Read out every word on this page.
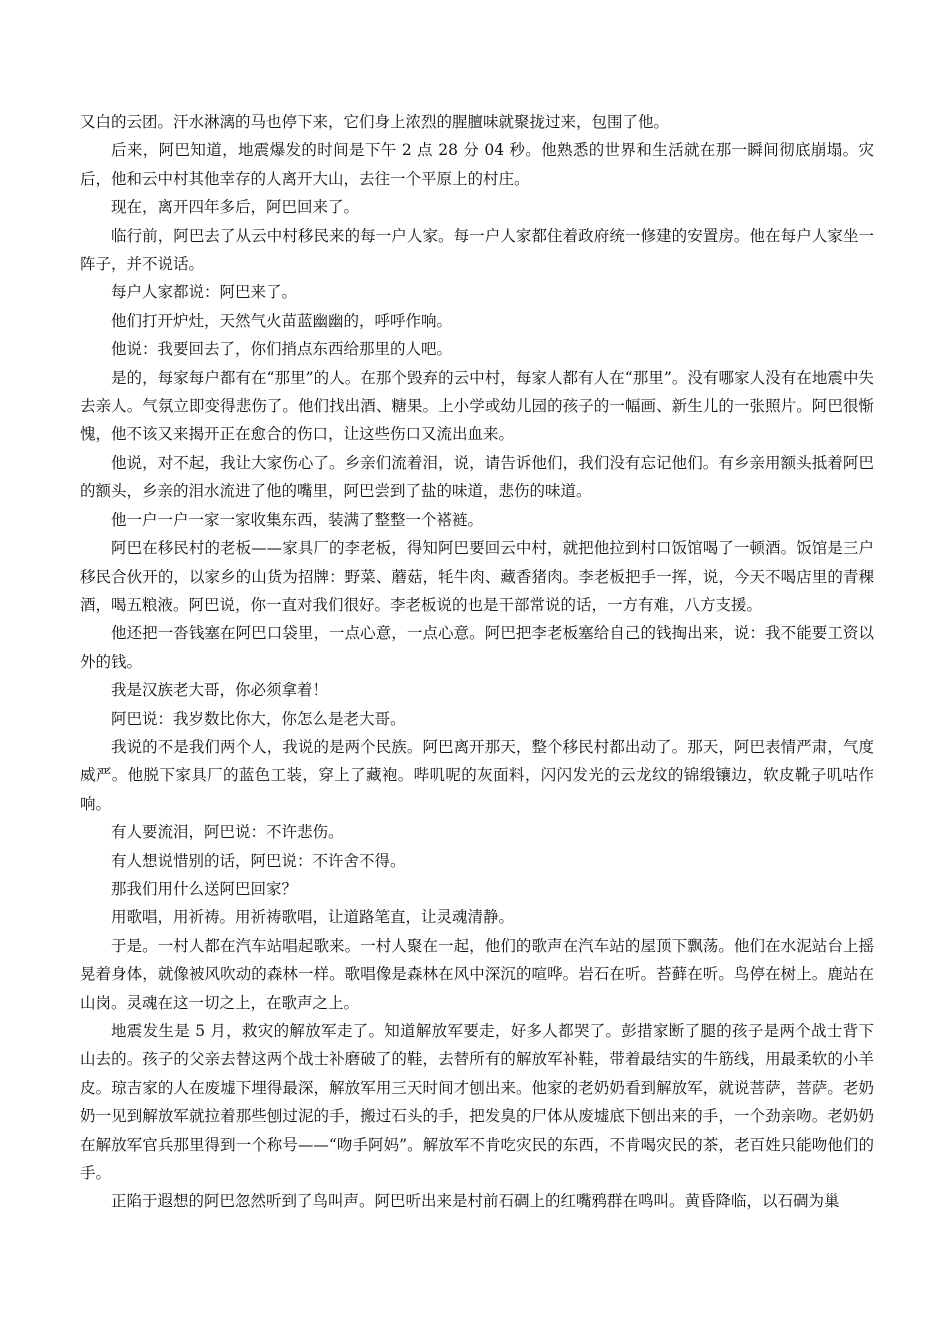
又白的云团。汗水淋漓的马也停下来，它们身上浓烈的腥膻味就聚拢过来，包围了他。

后来，阿巴知道，地震爆发的时间是下午 2 点 28 分 04 秒。他熟悉的世界和生活就在那一瞬间彻底崩塌。灾后，他和云中村其他幸存的人离开大山，去往一个平原上的村庄。

现在，离开四年多后，阿巴回来了。

临行前，阿巴去了从云中村移民来的每一户人家。每一户人家都住着政府统一修建的安置房。他在每户人家坐一阵子，并不说话。

每户人家都说：阿巴来了。

他们打开炉灶，天然气火苗蓝幽幽的，呼呼作响。

他说：我要回去了，你们捎点东西给那里的人吧。

是的，每家每户都有在“那里”的人。在那个毁弃的云中村，每家人都有人在“那里”。没有哪家人没有在地震中失去亲人。气氛立即变得悲伤了。他们找出酒、糖果。上小学或幼儿园的孩子的一幅画、新生儿的一张照片。阿巴很惭愧，他不该又来揭开正在愈合的伤口，让这些伤口又流出血来。

他说，对不起，我让大家伤心了。乡亲们流着泪，说，请告诉他们，我们没有忘记他们。有乡亲用额头抵着阿巴的额头，乡亲的泪水流进了他的嘴里，阿巴尝到了盐的味道，悲伤的味道。

他一户一户一家一家收集东西，装满了整整一个褡裢。

阿巴在移民村的老板——家具厂的李老板，得知阿巴要回云中村，就把他拉到村口饭馆喝了一顿酒。饭馆是三户移民合伙开的，以家乡的山货为招牌：野菜、蘑菇，牦牛肉、藏香猪肉。李老板把手一挥，说，今天不喝店里的青稞酒，喝五粮液。阿巴说，你一直对我们很好。李老板说的也是干部常说的话，一方有难，八方支援。

他还把一沓钱塞在阿巴口袋里，一点心意，一点心意。阿巴把李老板塞给自己的钱掏出来，说：我不能要工资以外的钱。

我是汉族老大哥，你必须拿着！

阿巴说：我岁数比你大，你怎么是老大哥。

我说的不是我们两个人，我说的是两个民族。阿巴离开那天，整个移民村都出动了。那天，阿巴表情严肃，气度威严。他脱下家具厂的蓝色工装，穿上了藏袍。哔叽呢的灰面料，闪闪发光的云龙纹的锦缎镶边，软皮靴子叽咕作响。

有人要流泪，阿巴说：不许悲伤。

有人想说惜别的话，阿巴说：不许舍不得。

那我们用什么送阿巴回家？

用歌唱，用祈祷。用祈祷歌唱，让道路笔直，让灵魂清静。

于是。一村人都在汽车站唱起歌来。一村人聚在一起，他们的歌声在汽车站的屋顶下飘荡。他们在水泥站台上摇晃着身体，就像被风吹动的森林一样。歌唱像是森林在风中深沉的喧哗。岩石在听。苔藓在听。鸟停在树上。鹿站在山岗。灵魂在这一切之上，在歌声之上。

地震发生是 5 月，救灾的解放军走了。知道解放军要走，好多人都哭了。彭措家断了腿的孩子是两个战士背下山去的。孩子的父亲去替这两个战士补磨破了的鞋，去替所有的解放军补鞋，带着最结实的牛筋线，用最柔软的小羊皮。琼吉家的人在废墟下埋得最深，解放军用三天时间才刨出来。他家的老奶奶看到解放军，就说菩萨，菩萨。老奶奶一见到解放军就拉着那些刨过泥的手，搬过石头的手，把发臭的尸体从废墟底下刨出来的手，一个劲亲吻。老奶奶在解放军官兵那里得到一个称号——“吻手阿妈”。解放军不肯吃灾民的东西，不肯喝灾民的茶，老百姓只能吻他们的手。

正陷于遐想的阿巴忽然听到了鸟叫声。阿巴听出来是村前石碉上的红嘴鸦群在鸣叫。黄昏降临，以石碉为巢
